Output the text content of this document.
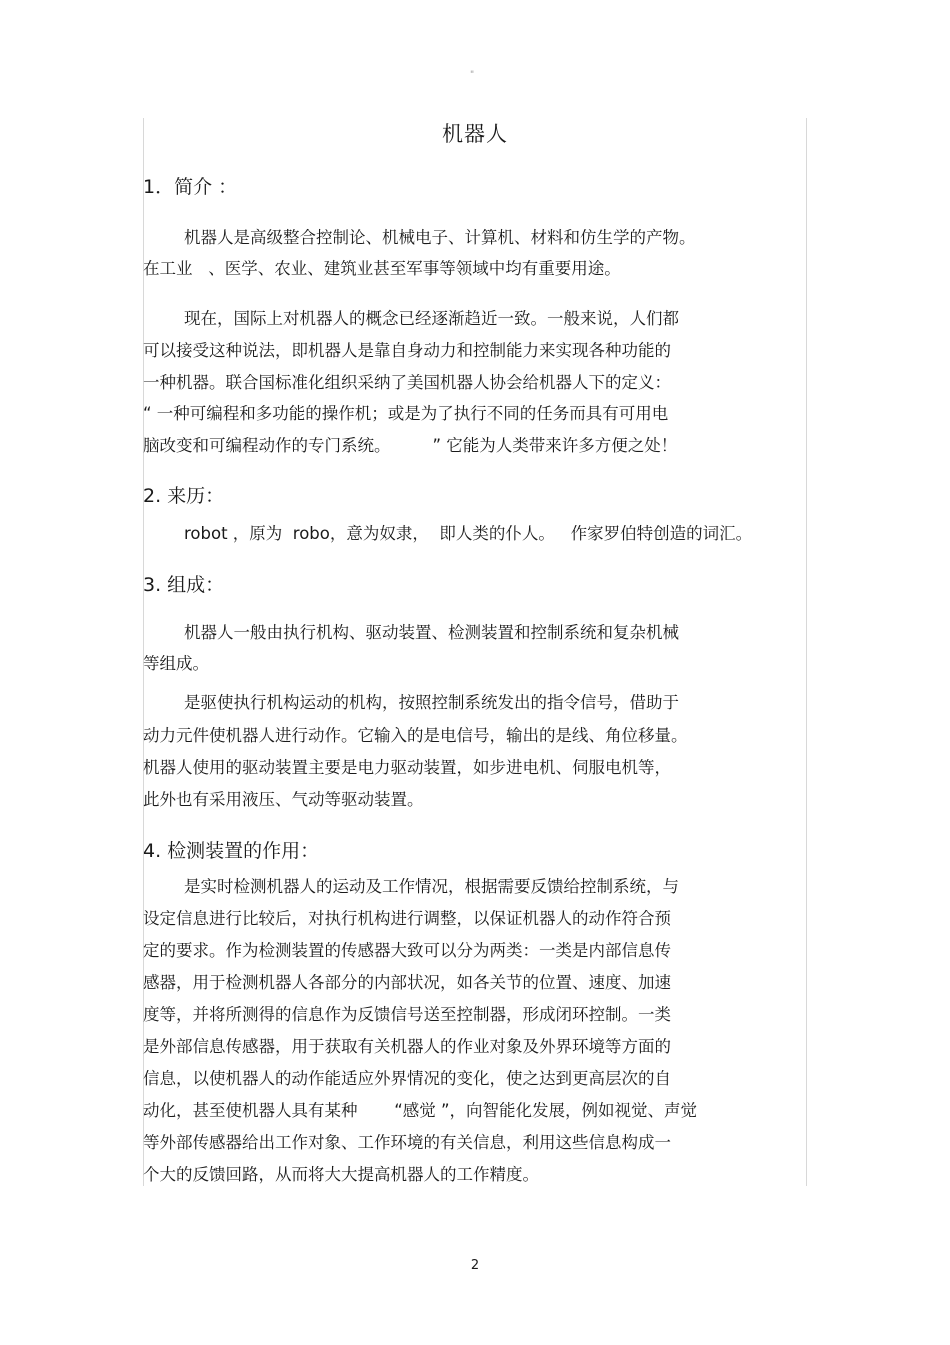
"
机器人
1．简介 ：
机器人是高级整合控制论、机械电子、计算机、材料和仿生学的产物。
在工业   、医学、农业、建筑业甚至军事等领域中均有重要用途。
现在，国际上对机器人的概念已经逐渐趋近一致。一般来说，人们都
可以接受这种说法，即机器人是靠自身动力和控制能力来实现各种功能的
一种机器。联合国标准化组织采纳了美国机器人协会给机器人下的定义：
“ 一种可编程和多功能的操作机；或是为了执行不同的任务而具有可用电
脑改变和可编程动作的专门系统。        ” 它能为人类带来许多方便之处！
2. 来历：
robot ，原为  robo，意为奴隶，  即人类的仆人。   作家罗伯特创造的词汇。
3. 组成：
机器人一般由执行机构、驱动装置、检测装置和控制系统和复杂机械
等组成。
是驱使执行机构运动的机构，按照控制系统发出的指令信号，借助于
动力元件使机器人进行动作。它输入的是电信号，输出的是线、角位移量。
机器人使用的驱动装置主要是电力驱动装置，如步进电机、伺服电机等，
此外也有采用液压、气动等驱动装置。
4. 检测装置的作用：
是实时检测机器人的运动及工作情况，根据需要反馈给控制系统，与
设定信息进行比较后，对执行机构进行调整，以保证机器人的动作符合预
定的要求。作为检测装置的传感器大致可以分为两类：一类是内部信息传
感器，用于检测机器人各部分的内部状况，如各关节的位置、速度、加速
度等，并将所测得的信息作为反馈信号送至控制器，形成闭环控制。一类
是外部信息传感器，用于获取有关机器人的作业对象及外界环境等方面的
信息，以使机器人的动作能适应外界情况的变化，使之达到更高层次的自
动化，甚至使机器人具有某种       “感觉 ”，向智能化发展，例如视觉、声觉
等外部传感器给出工作对象、工作环境的有关信息，利用这些信息构成一
个大的反馈回路，从而将大大提高机器人的工作精度。
2
